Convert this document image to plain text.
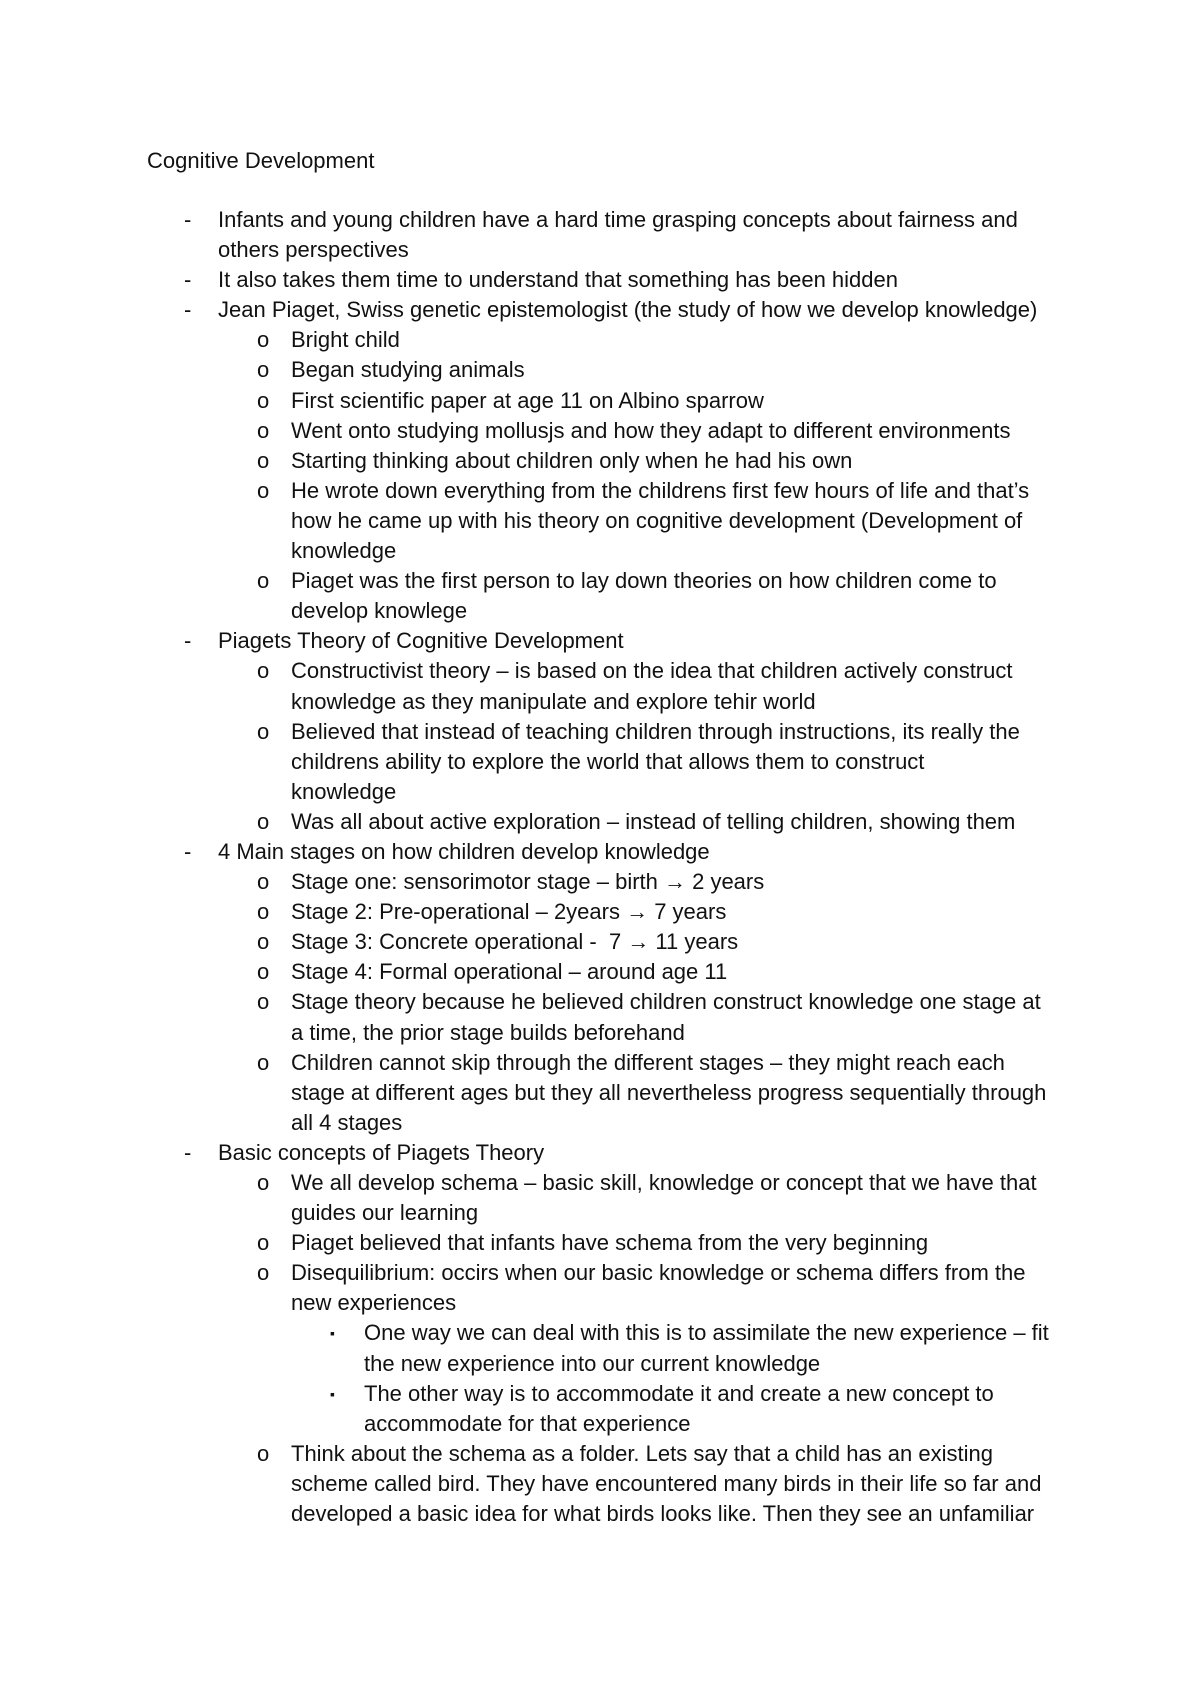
Cognitive Development
- Infants and young children have a hard time grasping concepts about fairness and
others perspectives
- It also takes them time to understand that something has been hidden
- Jean Piaget, Swiss genetic epistemologist (the study of how we develop knowledge)
o Bright child
o Began studying animals
o First scientific paper at age 11 on Albino sparrow
o Went onto studying mollusjs and how they adapt to different environments
o Starting thinking about children only when he had his own
o He wrote down everything from the childrens first few hours of life and that’s
how he came up with his theory on cognitive development (Development of
knowledge
o Piaget was the first person to lay down theories on how children come to
develop knowlege
- Piagets Theory of Cognitive Development
o Constructivist theory – is based on the idea that children actively construct
knowledge as they manipulate and explore tehir world
o Believed that instead of teaching children through instructions, its really the
childrens ability to explore the world that allows them to construct
knowledge
o Was all about active exploration – instead of telling children, showing them
- 4 Main stages on how children develop knowledge
o Stage one: sensorimotor stage – birth → 2 years
o Stage 2: Pre-operational – 2years → 7 years
o Stage 3: Concrete operational -  7 → 11 years
o Stage 4: Formal operational – around age 11
o Stage theory because he believed children construct knowledge one stage at
a time, the prior stage builds beforehand
o Children cannot skip through the different stages – they might reach each
stage at different ages but they all nevertheless progress sequentially through
all 4 stages
- Basic concepts of Piagets Theory
o We all develop schema – basic skill, knowledge or concept that we have that
guides our learning
o Piaget believed that infants have schema from the very beginning
o Disequilibrium: occirs when our basic knowledge or schema differs from the
new experiences
▪ One way we can deal with this is to assimilate the new experience – fit
the new experience into our current knowledge
▪ The other way is to accommodate it and create a new concept to
accommodate for that experience
o Think about the schema as a folder. Lets say that a child has an existing
scheme called bird. They have encountered many birds in their life so far and
developed a basic idea for what birds looks like. Then they see an unfamiliar
